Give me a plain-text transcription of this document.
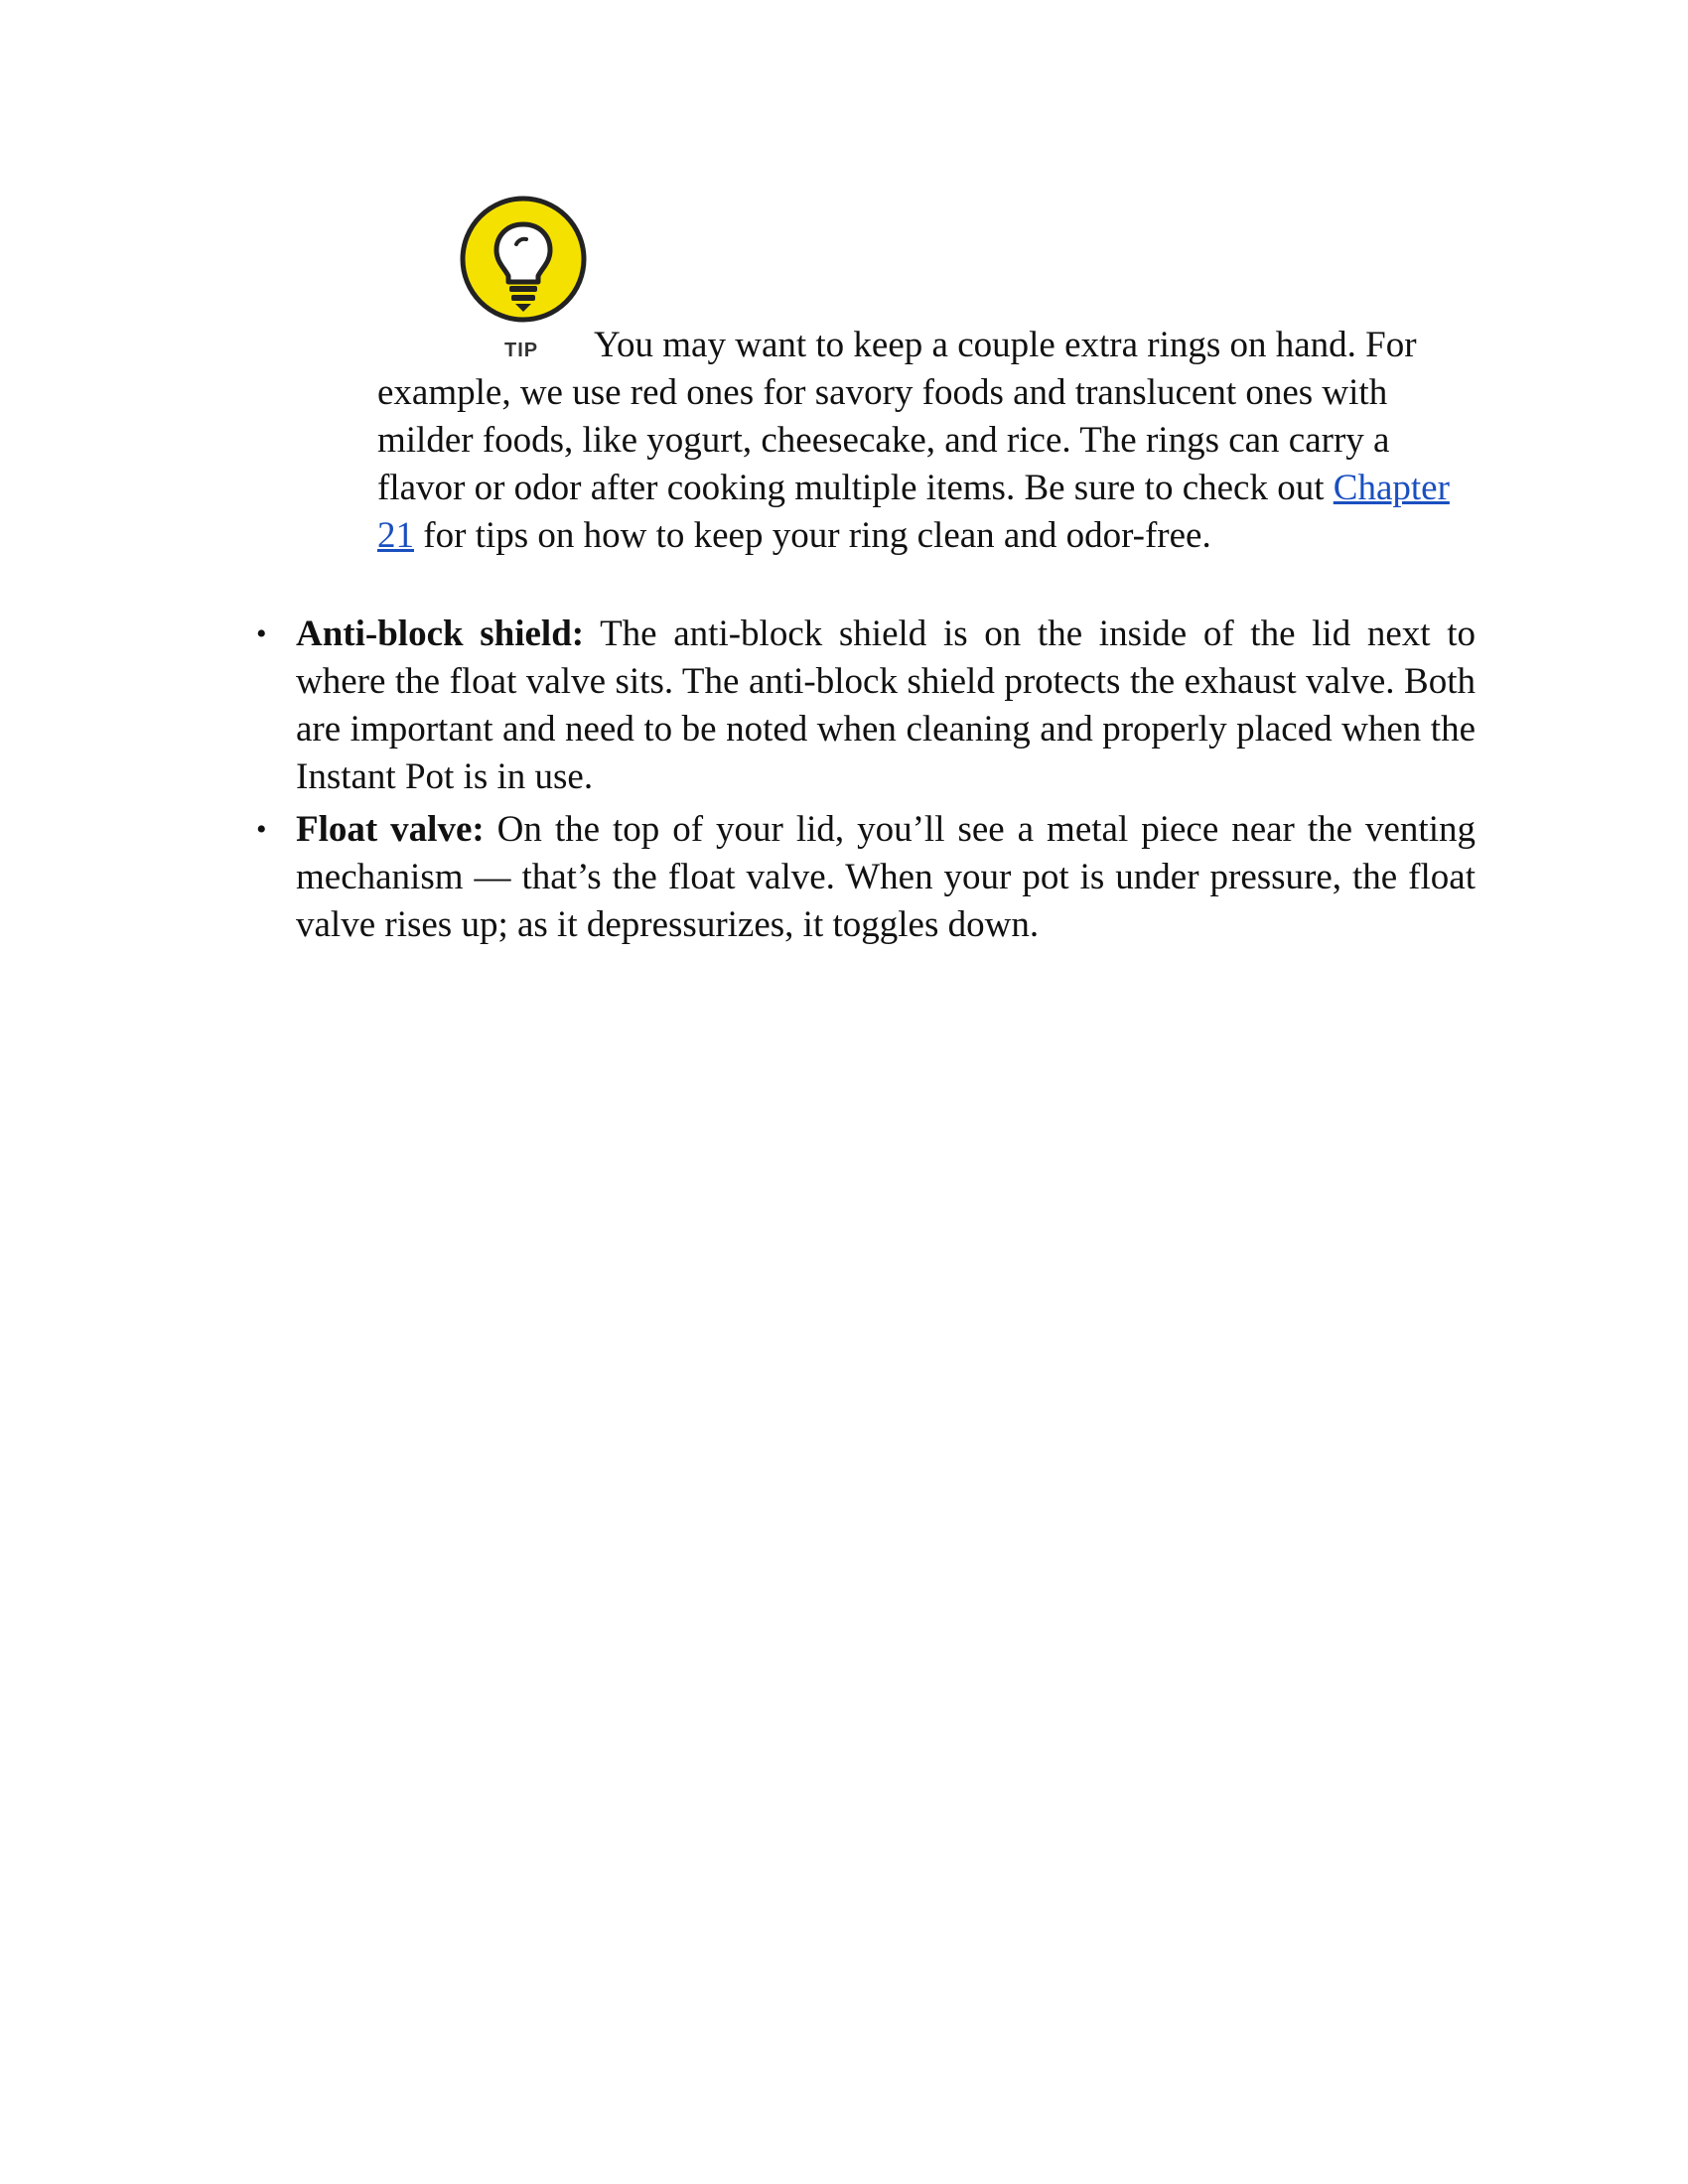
TIP	You may want to keep a couple extra rings on hand. For example, we use red ones for savory foods and translucent ones with milder foods, like yogurt, cheesecake, and rice. The rings can carry a flavor or odor after cooking multiple items. Be sure to check out Chapter 21 for tips on how to keep your ring clean and odor-free.

• Anti-block shield: The anti-block shield is on the inside of the lid next to where the float valve sits. The anti-block shield protects the exhaust valve. Both are important and need to be noted when cleaning and properly placed when the Instant Pot is in use.
• Float valve: On the top of your lid, you’ll see a metal piece near the venting mechanism — that’s the float valve. When your pot is under pressure, the float valve rises up; as it depressurizes, it toggles down.
